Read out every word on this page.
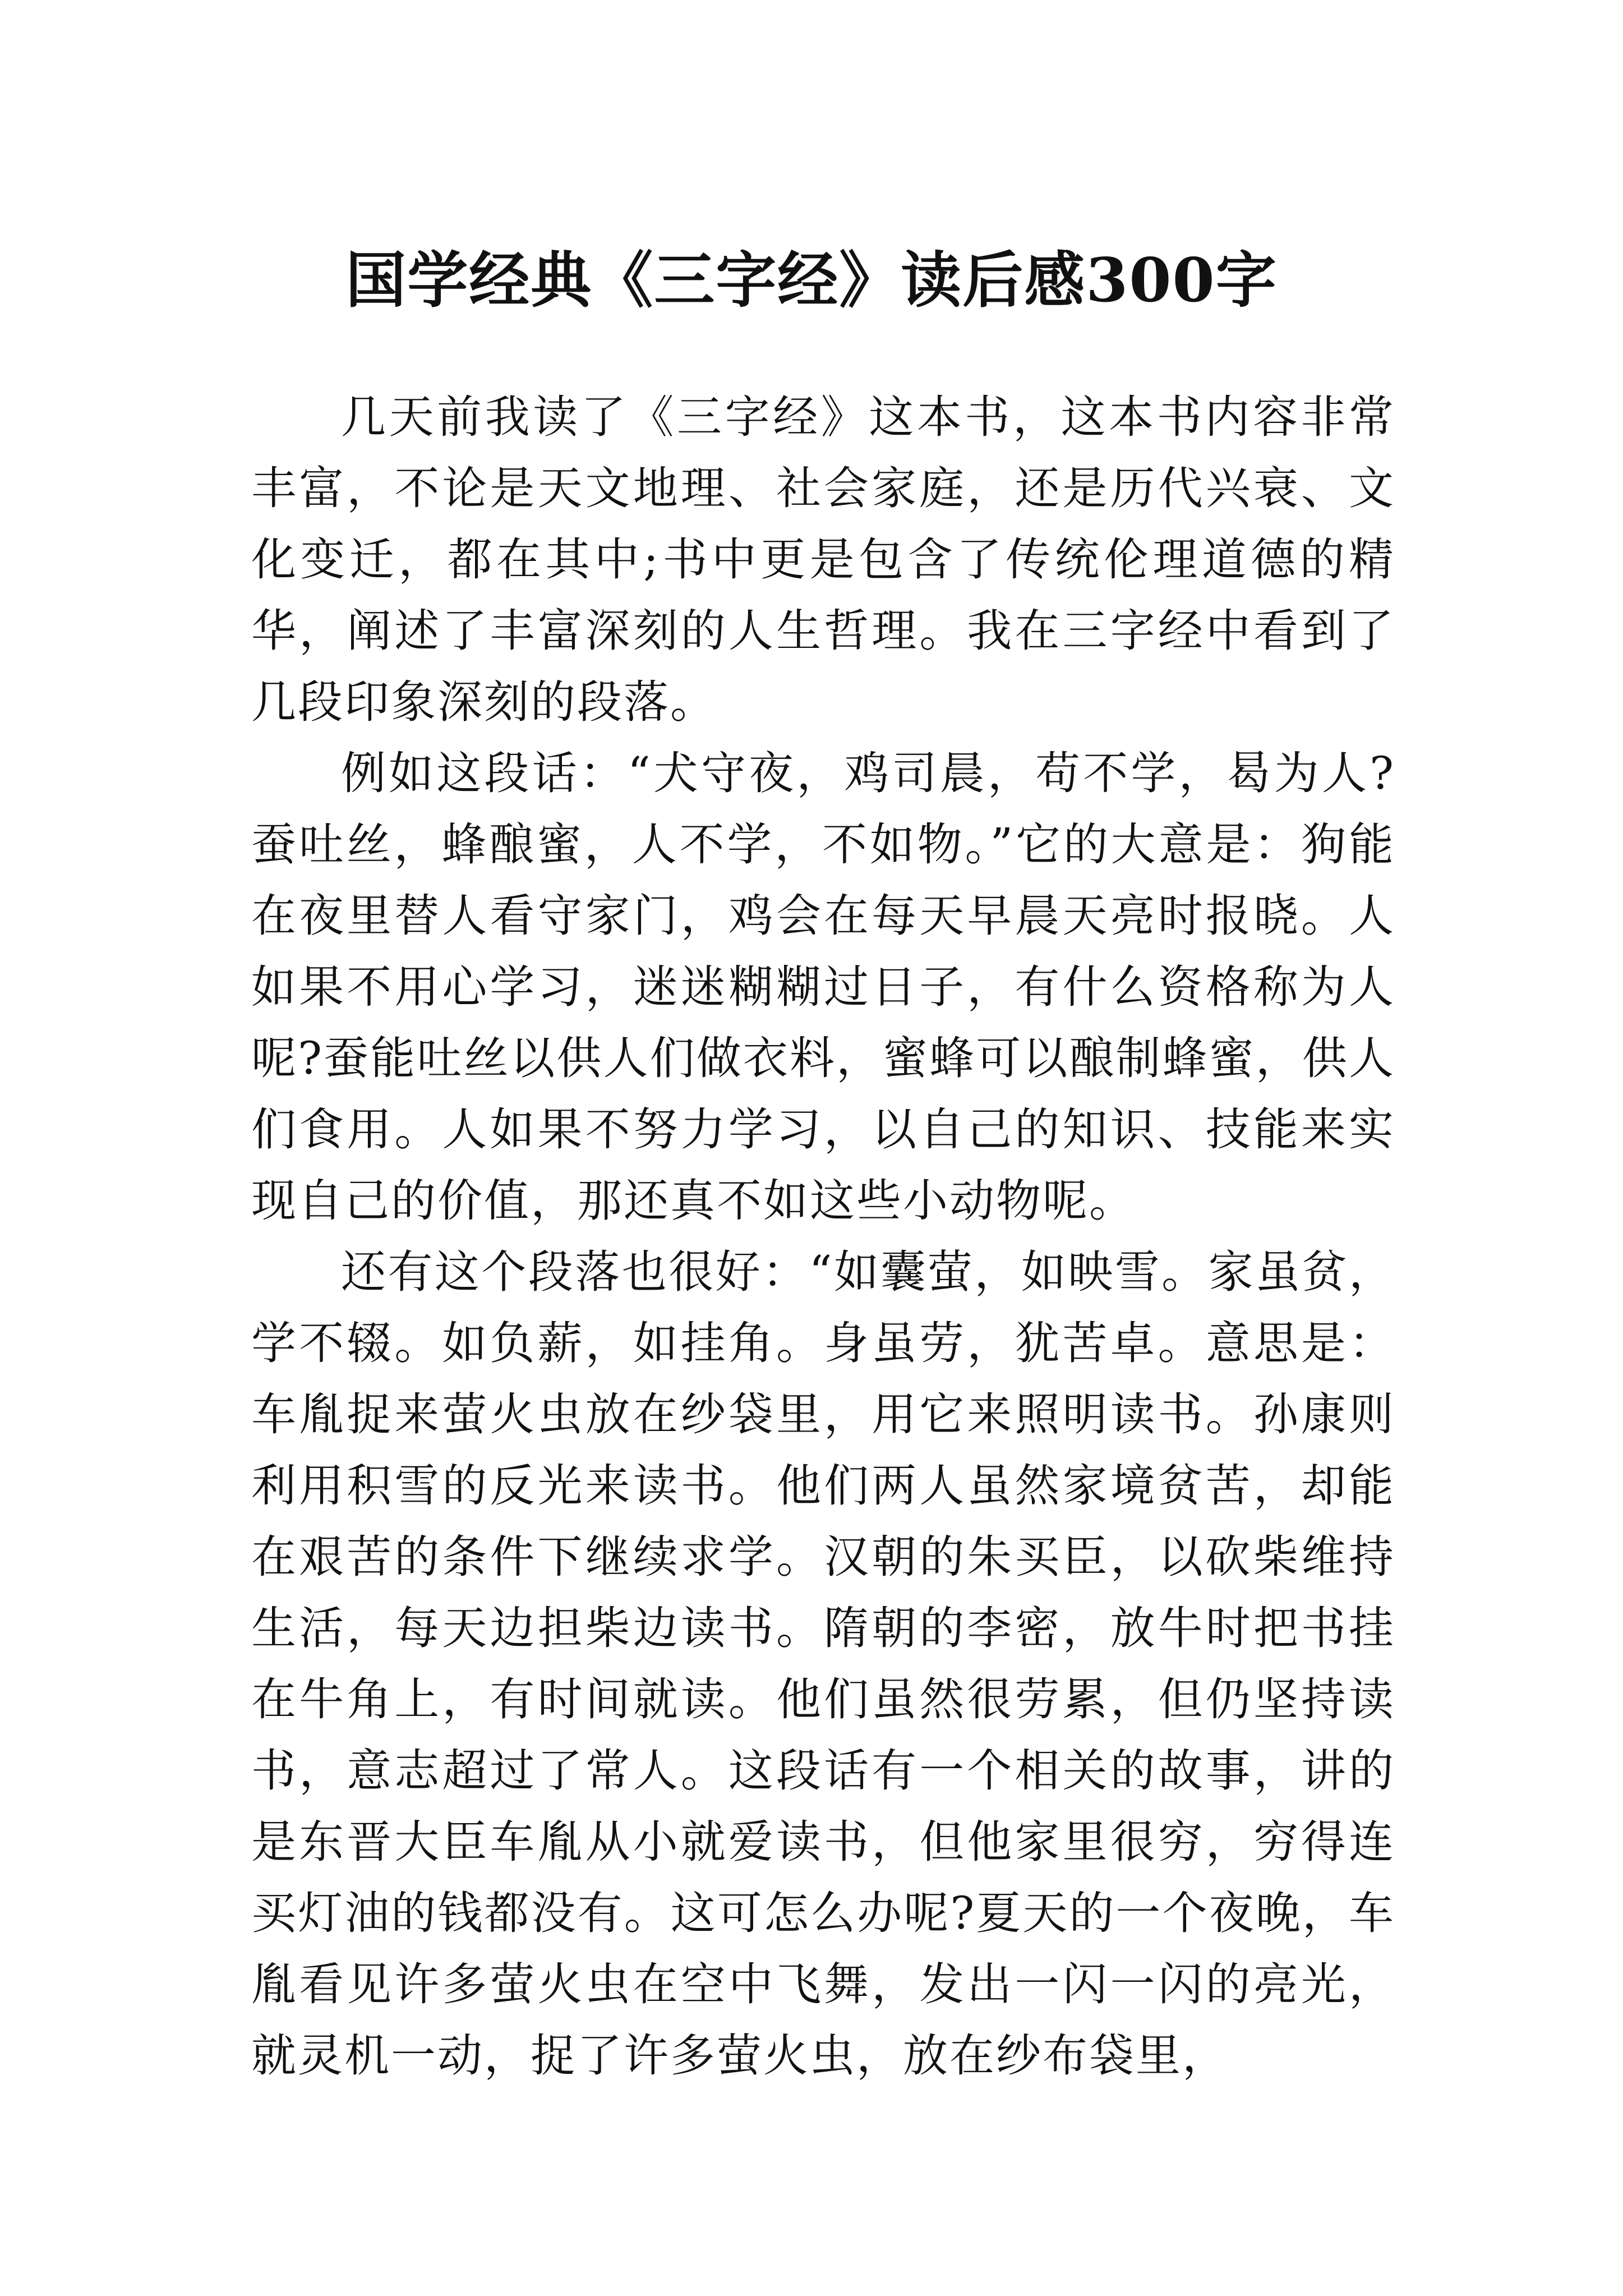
国学经典《三字经》读后感300字

几天前我读了《三字经》这本书，这本书内容非常丰富，不论是天文地理、社会家庭，还是历代兴衰、文化变迁，都在其中;书中更是包含了传统伦理道德的精华，阐述了丰富深刻的人生哲理。我在三字经中看到了几段印象深刻的段落。

例如这段话：“犬守夜，鸡司晨，苟不学，曷为人?蚕吐丝，蜂酿蜜，人不学，不如物。”它的大意是：狗能在夜里替人看守家门，鸡会在每天早晨天亮时报晓。人如果不用心学习，迷迷糊糊过日子，有什么资格称为人呢?蚕能吐丝以供人们做衣料，蜜蜂可以酿制蜂蜜，供人们食用。人如果不努力学习，以自己的知识、技能来实现自己的价值，那还真不如这些小动物呢。

还有这个段落也很好：“如囊萤，如映雪。家虽贫，学不辍。如负薪，如挂角。身虽劳，犹苦卓。意思是：车胤捉来萤火虫放在纱袋里，用它来照明读书。孙康则利用积雪的反光来读书。他们两人虽然家境贫苦，却能在艰苦的条件下继续求学。汉朝的朱买臣，以砍柴维持生活，每天边担柴边读书。隋朝的李密，放牛时把书挂在牛角上，有时间就读。他们虽然很劳累，但仍坚持读书，意志超过了常人。这段话有一个相关的故事，讲的是东晋大臣车胤从小就爱读书，但他家里很穷，穷得连买灯油的钱都没有。这可怎么办呢?夏天的一个夜晚，车胤看见许多萤火虫在空中飞舞，发出一闪一闪的亮光，就灵机一动，捉了许多萤火虫，放在纱布袋里，
